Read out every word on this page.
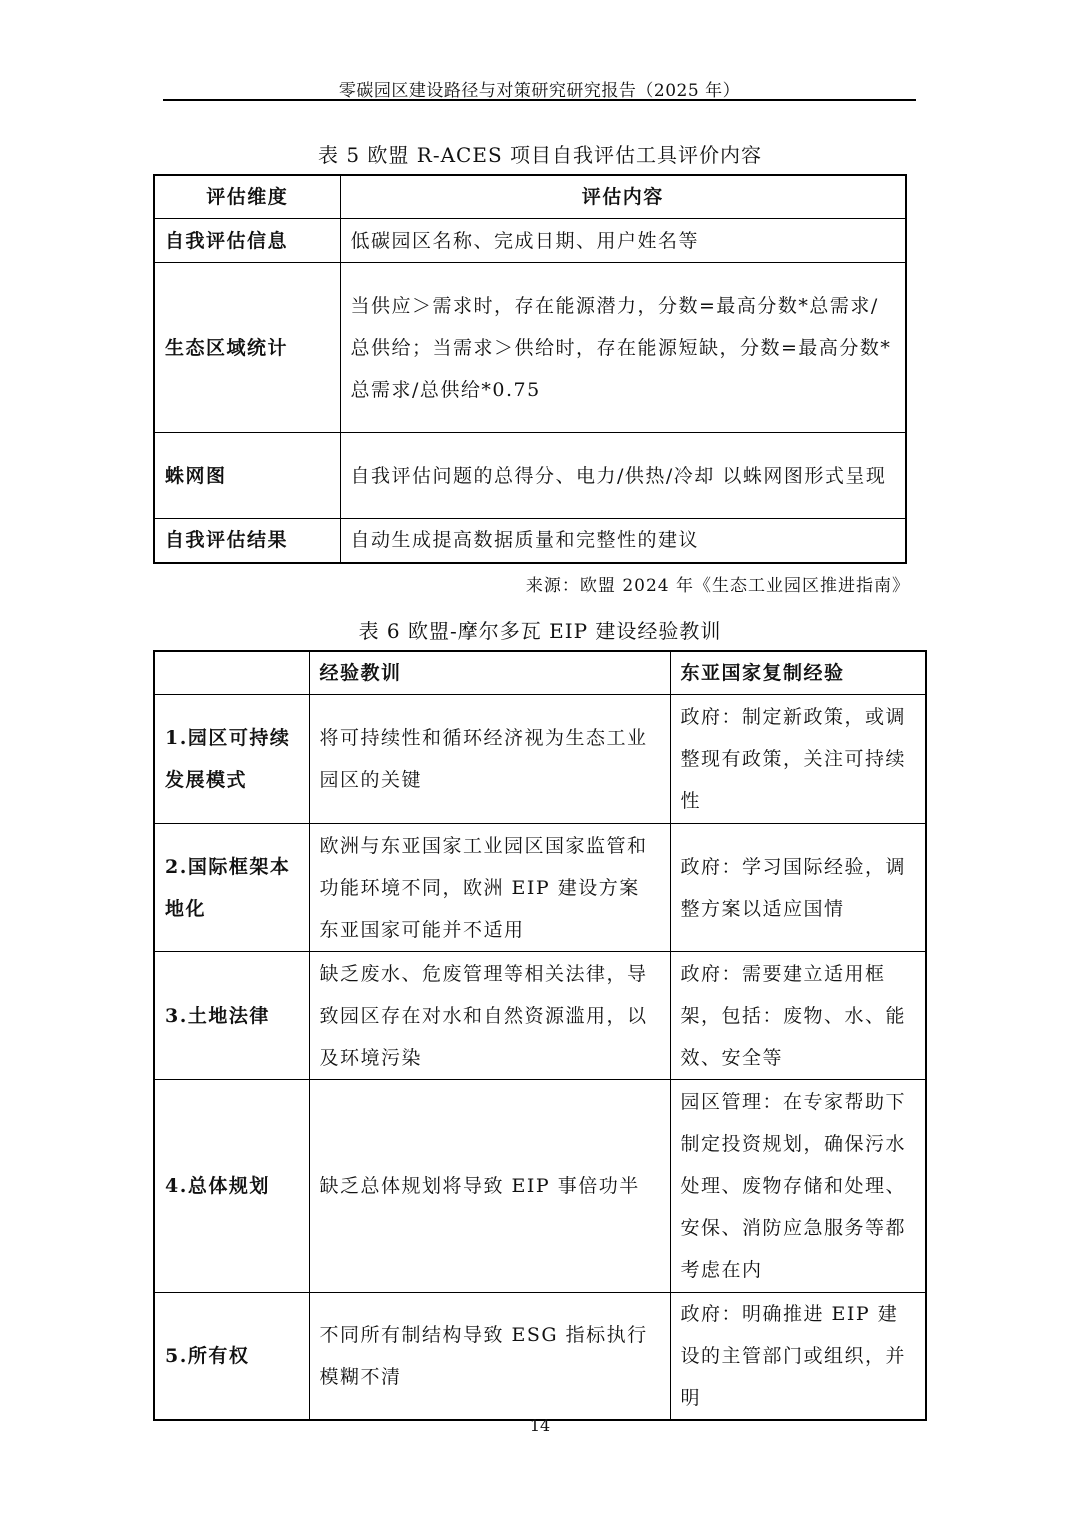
零碳园区建设路径与对策研究研究报告（2025 年）
表 5 欧盟 R-ACES 项目自我评估工具评价内容
评估维度	评估内容
自我评估信息	低碳园区名称、完成日期、用户姓名等
生态区域统计	当供应＞需求时，存在能源潜力，分数=最高分数*总需求/总供给；当需求＞供给时，存在能源短缺，分数=最高分数*总需求/总供给*0.75
蛛网图	自我评估问题的总得分、电力/供热/冷却 以蛛网图形式呈现
自我评估结果	自动生成提高数据质量和完整性的建议
来源：欧盟 2024 年《生态工业园区推进指南》
表 6 欧盟-摩尔多瓦 EIP 建设经验教训
	经验教训	东亚国家复制经验
1.园区可持续发展模式	将可持续性和循环经济视为生态工业园区的关键	政府：制定新政策，或调整现有政策，关注可持续性
2.国际框架本地化	欧洲与东亚国家工业园区国家监管和功能环境不同，欧洲 EIP 建设方案东亚国家可能并不适用	政府：学习国际经验，调整方案以适应国情
3.土地法律	缺乏废水、危废管理等相关法律，导致园区存在对水和自然资源滥用，以及环境污染	政府：需要建立适用框架，包括：废物、水、能效、安全等
4.总体规划	缺乏总体规划将导致 EIP 事倍功半	园区管理：在专家帮助下制定投资规划，确保污水处理、废物存储和处理、安保、消防应急服务等都考虑在内
5.所有权	不同所有制结构导致 ESG 指标执行模糊不清	政府：明确推进 EIP 建设的主管部门或组织，并明
14
